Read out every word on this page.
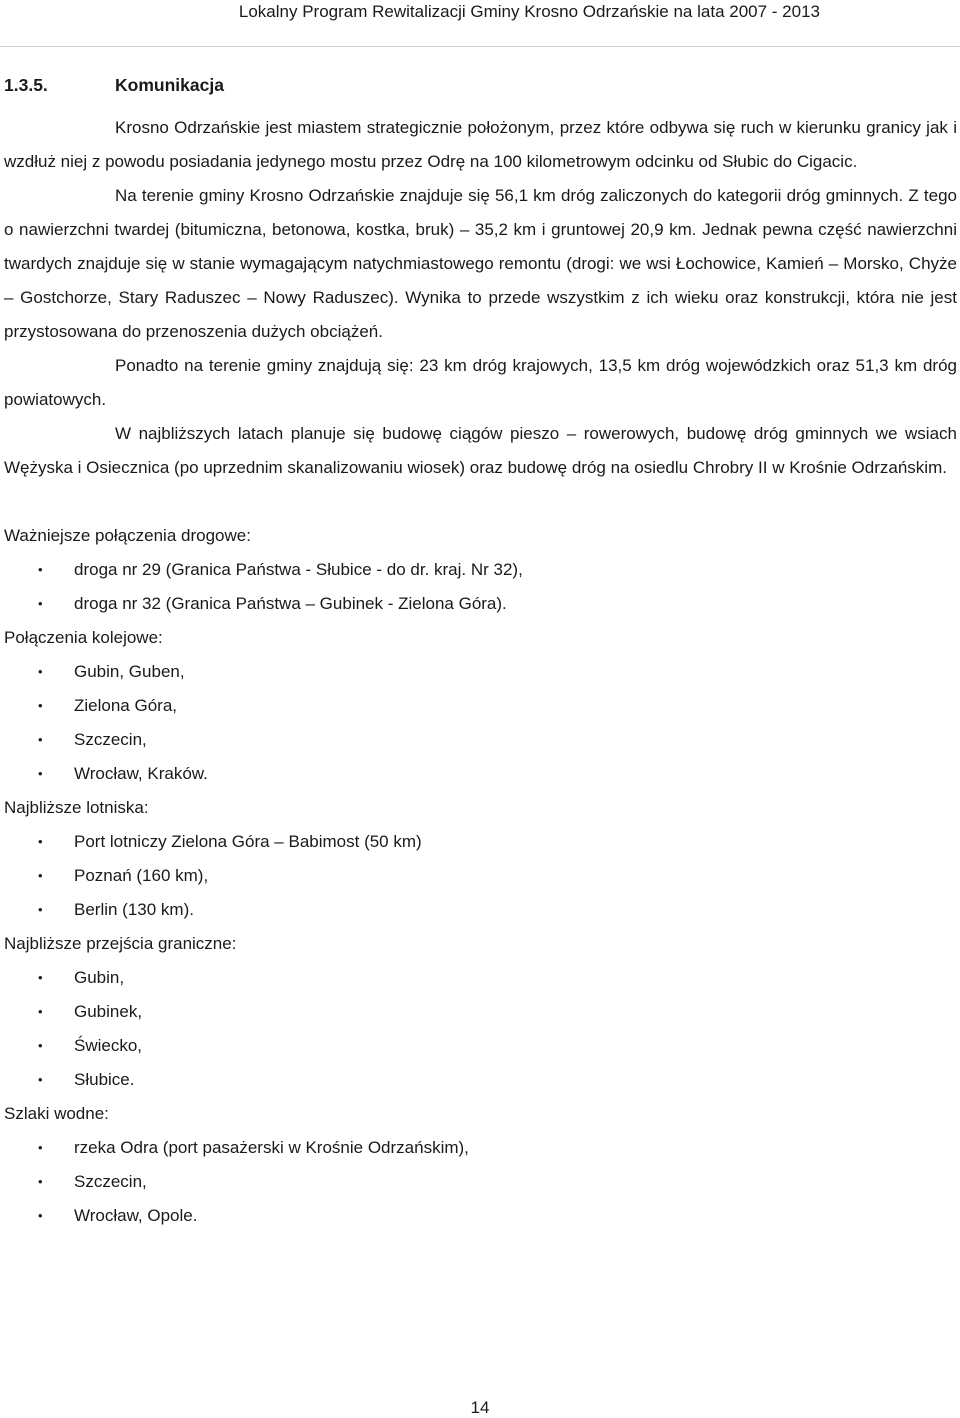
Lokalny Program Rewitalizacji Gminy Krosno Odrzańskie na lata 2007 - 2013
1.3.5.	Komunikacja

Krosno Odrzańskie jest miastem strategicznie położonym, przez które odbywa się ruch w kierunku granicy jak i wzdłuż niej z powodu posiadania jedynego mostu przez Odrę na 100 kilometrowym odcinku od Słubic do Cigacic.

Na terenie gminy Krosno Odrzańskie znajduje się 56,1 km dróg zaliczonych do kategorii dróg gminnych. Z tego o nawierzchni twardej (bitumiczna, betonowa, kostka, bruk) – 35,2 km i gruntowej 20,9 km. Jednak pewna część nawierzchni twardych znajduje się w stanie wymagającym natychmiastowego remontu (drogi: we wsi Łochowice, Kamień – Morsko, Chyże – Gostchorze, Stary Raduszec – Nowy Raduszec). Wynika to przede wszystkim z ich wieku oraz konstrukcji, która nie jest przystosowana do przenoszenia dużych obciążeń.

Ponadto na terenie gminy znajdują się: 23 km dróg krajowych, 13,5 km dróg wojewódzkich oraz 51,3 km dróg powiatowych.

W najbliższych latach planuje się budowę ciągów pieszo – rowerowych, budowę dróg gminnych we wsiach Wężyska i Osiecznica (po uprzednim skanalizowaniu wiosek) oraz budowę dróg na osiedlu Chrobry II w Krośnie Odrzańskim.

Ważniejsze połączenia drogowe:

• droga nr 29 (Granica Państwa - Słubice - do dr. kraj. Nr 32),
• droga nr 32 (Granica Państwa – Gubinek - Zielona Góra).

Połączenia kolejowe:

• Gubin, Guben,
• Zielona Góra,
• Szczecin,
• Wrocław, Kraków.

Najbliższe lotniska:

• Port lotniczy Zielona Góra – Babimost (50 km)
• Poznań (160 km),
• Berlin (130 km).

Najbliższe przejścia graniczne:

• Gubin,
• Gubinek,
• Świecko,
• Słubice.

Szlaki wodne:

• rzeka Odra (port pasażerski w Krośnie Odrzańskim),
• Szczecin,
• Wrocław, Opole.
14
